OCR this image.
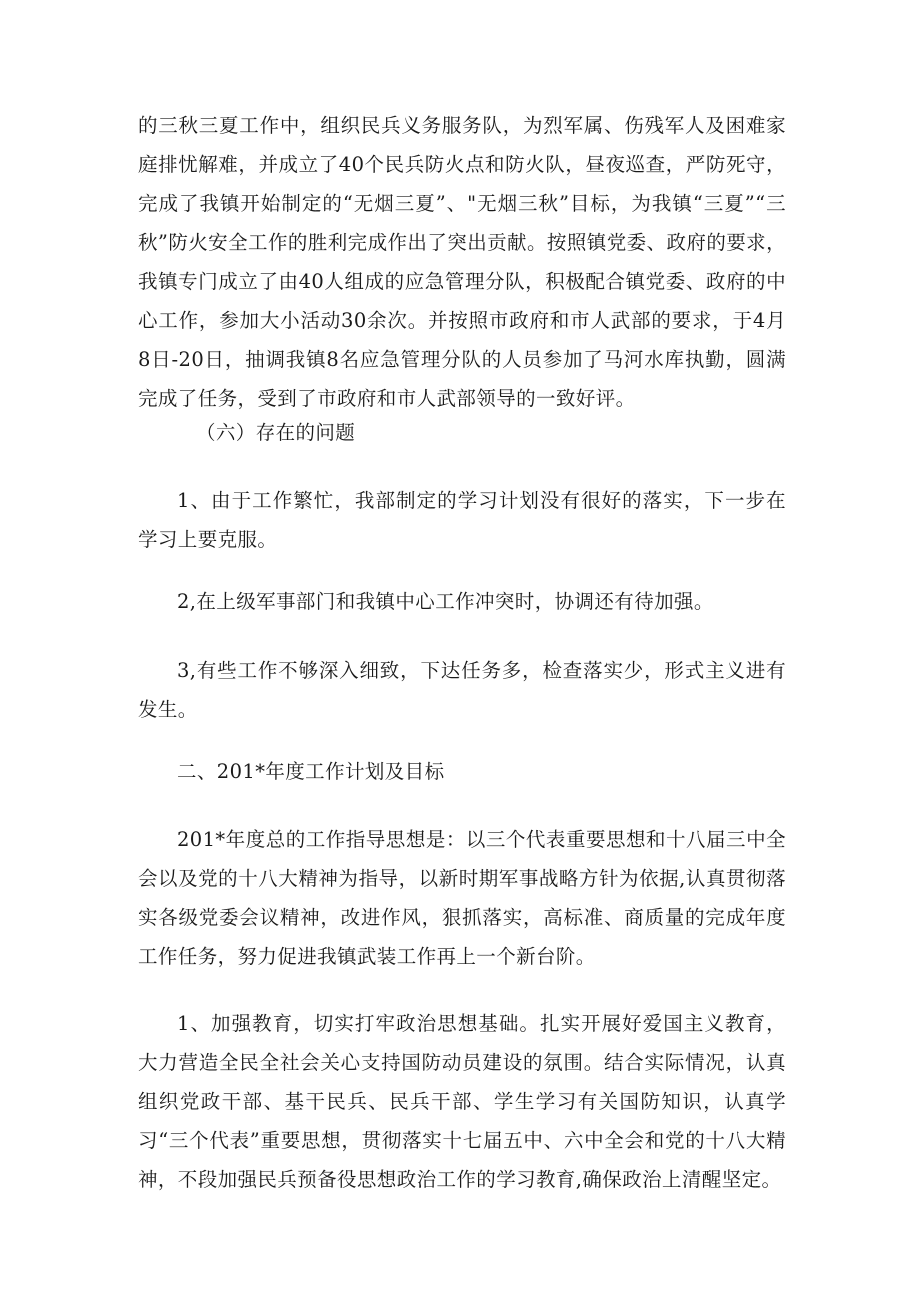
的三秋三夏工作中，组织民兵义务服务队，为烈军属、伤残军人及困难家庭排忧解难，并成立了40个民兵防火点和防火队，昼夜巡查，严防死守，完成了我镇开始制定的“无烟三夏”、"无烟三秋”目标，为我镇“三夏”“三秋”防火安全工作的胜利完成作出了突出贡献。按照镇党委、政府的要求，我镇专门成立了由40人组成的应急管理分队，积极配合镇党委、政府的中心工作，参加大小活动30余次。并按照市政府和市人武部的要求，于4月8日-20日，抽调我镇8名应急管理分队的人员参加了马河水库执勤，圆满完成了任务，受到了市政府和市人武部领导的一致好评。

（六）存在的问题

1、由于工作繁忙，我部制定的学习计划没有很好的落实，下一步在学习上要克服。

2,在上级军事部门和我镇中心工作冲突时，协调还有待加强。

3,有些工作不够深入细致，下达任务多，检查落实少，形式主义进有发生。

二、201*年度工作计划及目标

201*年度总的工作指导思想是：以三个代表重要思想和十八届三中全会以及党的十八大精神为指导，以新时期军事战略方针为依据,认真贯彻落实各级党委会议精神，改进作风，狠抓落实，高标准、商质量的完成年度工作任务，努力促进我镇武装工作再上一个新台阶。

1、加强教育，切实打牢政治思想基础。扎实开展好爱国主义教育，大力营造全民全社会关心支持国防动员建设的氛围。结合实际情况，认真组织党政干部、基干民兵、民兵干部、学生学习有关国防知识，认真学习“三个代表”重要思想，贯彻落实十七届五中、六中全会和党的十八大精神，不段加强民兵预备役思想政治工作的学习教育,确保政治上清醒坚定。
